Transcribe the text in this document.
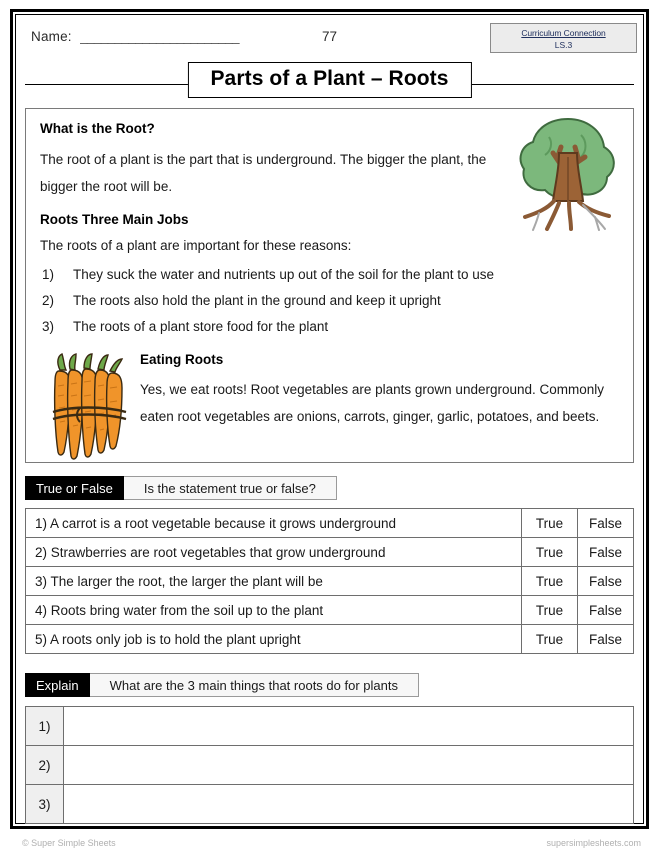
Name: _______________________	77	Curriculum Connection
LS.3
Parts of a Plant – Roots
What is the Root?
The root of a plant is the part that is underground. The bigger the plant, the bigger the root will be.
Roots Three Main Jobs
The roots of a plant are important for these reasons:
1) They suck the water and nutrients up out of the soil for the plant to use
2) The roots also hold the plant in the ground and keep it upright
3) The roots of a plant store food for the plant
Eating Roots
Yes, we eat roots! Root vegetables are plants grown underground. Commonly eaten root vegetables are onions, carrots, ginger, garlic, potatoes, and beets.
True or False	Is the statement true or false?
1) A carrot is a root vegetable because it grows underground	True	False
2) Strawberries are root vegetables that grow underground	True	False
3) The larger the root, the larger the plant will be	True	False
4) Roots bring water from the soil up to the plant	True	False
5) A roots only job is to hold the plant upright	True	False
Explain	What are the 3 main things that roots do for plants
1)	
2)	
3)	
© Super Simple Sheets	supersimplesheets.com
